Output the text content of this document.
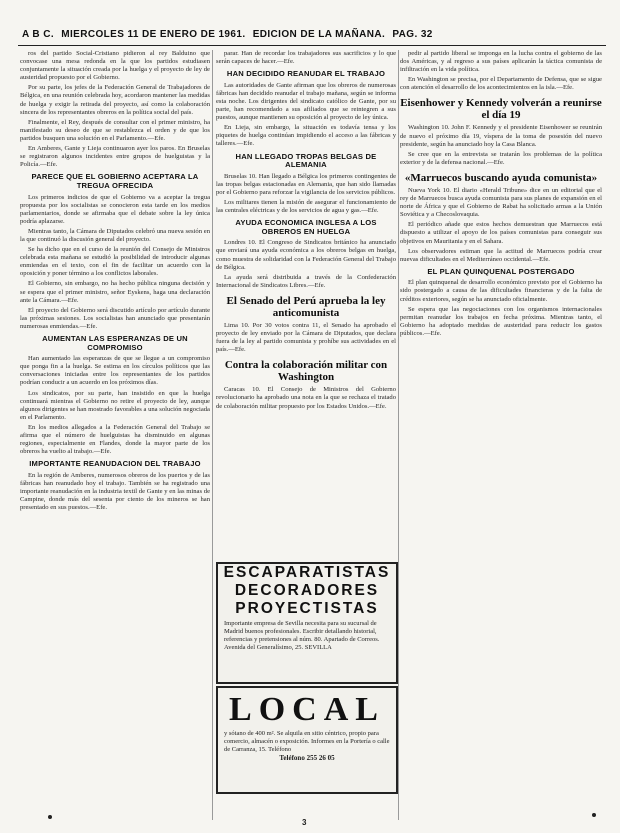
A B C. MIERCOLES 11 DE ENERO DE 1961. EDICION DE LA MAÑANA. PAG. 32

ros del partido Social-Cristiano pidieron al rey Balduino que convocase una mesa redonda en la que los partidos estudiasen conjuntamente la situación creada por la huelga y el proyecto de ley de austeridad propuesto por el Gobierno.

Por su parte, los jefes de la Federación General de Trabajadores de Bélgica, en una reunión celebrada hoy, acordaron mantener las medidas de huelga y exigir la retirada del proyecto, así como la colaboración sincera de los representantes obreros en la política social del país.

Finalmente, el Rey, después de consultar con el primer ministro, ha manifestado su deseo de que se restablezca el orden y de que los partidos busquen una solución en el Parlamento.—Efe.

En Amberes, Gante y Lieja continuaron ayer los paros. En Bruselas se registraron algunos incidentes entre grupos de huelguistas y la Policía.—Efe.

PARECE QUE EL GOBIERNO ACEPTARA LA TREGUA OFRECIDA

Los primeros indicios de que el Gobierno va a aceptar la tregua propuesta por los socialistas se conocieron esta tarde en los medios parlamentarios, donde se afirmaba que el debate sobre la ley única podría aplazarse.

Mientras tanto, la Cámara de Diputados celebró una nueva sesión en la que continuó la discusión general del proyecto.

Se ha dicho que en el curso de la reunión del Consejo de Ministros celebrada esta mañana se estudió la posibilidad de introducir algunas enmiendas en el texto, con el fin de facilitar un acuerdo con la oposición y poner término a los conflictos laborales.

El Gobierno, sin embargo, no ha hecho pública ninguna decisión y se espera que el primer ministro, señor Eyskens, haga una declaración ante la Cámara.—Efe.

El proyecto del Gobierno será discutido artículo por artículo durante las próximas sesiones. Los socialistas han anunciado que presentarán numerosas enmiendas.—Efe.

AUMENTAN LAS ESPERANZAS DE UN COMPROMISO

Han aumentado las esperanzas de que se llegue a un compromiso que ponga fin a la huelga. Se estima en los círculos políticos que las conversaciones iniciadas entre los representantes de los partidos podrían conducir a un acuerdo en los próximos días.

Los sindicatos, por su parte, han insistido en que la huelga continuará mientras el Gobierno no retire el proyecto de ley, aunque algunos dirigentes se han mostrado favorables a una solución negociada en el Parlamento.

En los medios allegados a la Federación General del Trabajo se afirma que el número de huelguistas ha disminuido en algunas regiones, especialmente en Flandes, donde la mayor parte de los obreros ha vuelto al trabajo.—Efe.

IMPORTANTE REANUDACION DEL TRABAJO

En la región de Amberes, numerosos obreros de los puertos y de las fábricas han reanudado hoy el trabajo. También se ha registrado una importante reanudación en la industria textil de Gante y en las minas de Campine, donde más del sesenta por ciento de los mineros se han presentado en sus puestos.—Efe.

parar. Han de recordar los trabajadores sus sacrificios y lo que serán capaces de hacer.—Efe.

HAN DECIDIDO REANUDAR EL TRABAJO

Las autoridades de Gante afirman que los obreros de numerosas fábricas han decidido reanudar el trabajo mañana, según se informa esta noche. Los dirigentes del sindicato católico de Gante, por su parte, han recomendado a sus afiliados que se reintegren a sus puestos, aunque mantienen su oposición al proyecto de ley única.

En Lieja, sin embargo, la situación es todavía tensa y los piquetes de huelga continúan impidiendo el acceso a las fábricas y talleres.—Efe.

HAN LLEGADO TROPAS BELGAS DE ALEMANIA

Bruselas 10. Han llegado a Bélgica los primeros contingentes de las tropas belgas estacionadas en Alemania, que han sido llamadas por el Gobierno para reforzar la vigilancia de los servicios públicos.

Los militares tienen la misión de asegurar el funcionamiento de las centrales eléctricas y de los servicios de agua y gas.—Efe.

AYUDA ECONOMICA INGLESA A LOS OBREROS EN HUELGA

Londres 10. El Congreso de Sindicatos británico ha anunciado que enviará una ayuda económica a los obreros belgas en huelga, como muestra de solidaridad con la Federación General del Trabajo de Bélgica.

La ayuda será distribuida a través de la Confederación Internacional de Sindicatos Libres.—Efe.

El Senado del Perú aprueba la ley anticomunista

Lima 10. Por 30 votos contra 11, el Senado ha aprobado el proyecto de ley enviado por la Cámara de Diputados, que declara fuera de la ley al partido comunista y prohíbe sus actividades en el país.—Efe.

Contra la colaboración militar con Washington

Caracas 10. El Consejo de Ministros del Gobierno revolucionario ha aprobado una nota en la que se rechaza el tratado de colaboración militar propuesto por los Estados Unidos.—Efe.

ESCAPARATISTAS
DECORADORES
PROYECTISTAS
Importante empresa de Sevilla necesita para su sucursal de Madrid buenos profesionales. Escribir detallando historial, referencias y pretensiones al núm. 80. Apartado de Correos. Avenida del Generalísimo, 25. SEVILLA
LOCAL
y sótano de 400 m². Se alquila en sitio céntrico, propio para comercio, almacén o exposición. Informes en la Portería o calle de Carranza, 15. Teléfono
Teléfono 255 26 05

pedir al partido liberal se imponga en la lucha contra el gobierno de las dos Américas, y al regreso a sus países aplicarán la táctica comunista de infiltración en la vida política.

En Washington se precisa, por el Departamento de Defensa, que se sigue con atención el desarrollo de los acontecimientos en la isla.—Efe.

Eisenhower y Kennedy volverán a reunirse el día 19

Washington 10. John F. Kennedy y el presidente Eisenhower se reunirán de nuevo el próximo día 19, víspera de la toma de posesión del nuevo presidente, según ha anunciado hoy la Casa Blanca.

Se cree que en la entrevista se tratarán los problemas de la política exterior y de la defensa nacional.—Efe.

«Marruecos buscando ayuda comunista»

Nueva York 10. El diario «Herald Tribune» dice en un editorial que el rey de Marruecos busca ayuda comunista para sus planes de expansión en el norte de África y que el Gobierno de Rabat ha solicitado armas a la Unión Soviética y a Checoslovaquia.

El periódico añade que estos hechos demuestran que Marruecos está dispuesto a utilizar el apoyo de los países comunistas para conseguir sus objetivos en Mauritania y en el Sahara.

Los observadores estiman que la actitud de Marruecos podría crear nuevas dificultades en el Mediterráneo occidental.—Efe.

EL PLAN QUINQUENAL POSTERGADO

El plan quinquenal de desarrollo económico previsto por el Gobierno ha sido postergado a causa de las dificultades financieras y de la falta de créditos exteriores, según se ha anunciado oficialmente.

Se espera que las negociaciones con los organismos internacionales permitan reanudar los trabajos en fecha próxima. Mientras tanto, el Gobierno ha adoptado medidas de austeridad para reducir los gastos públicos.—Efe.

3
